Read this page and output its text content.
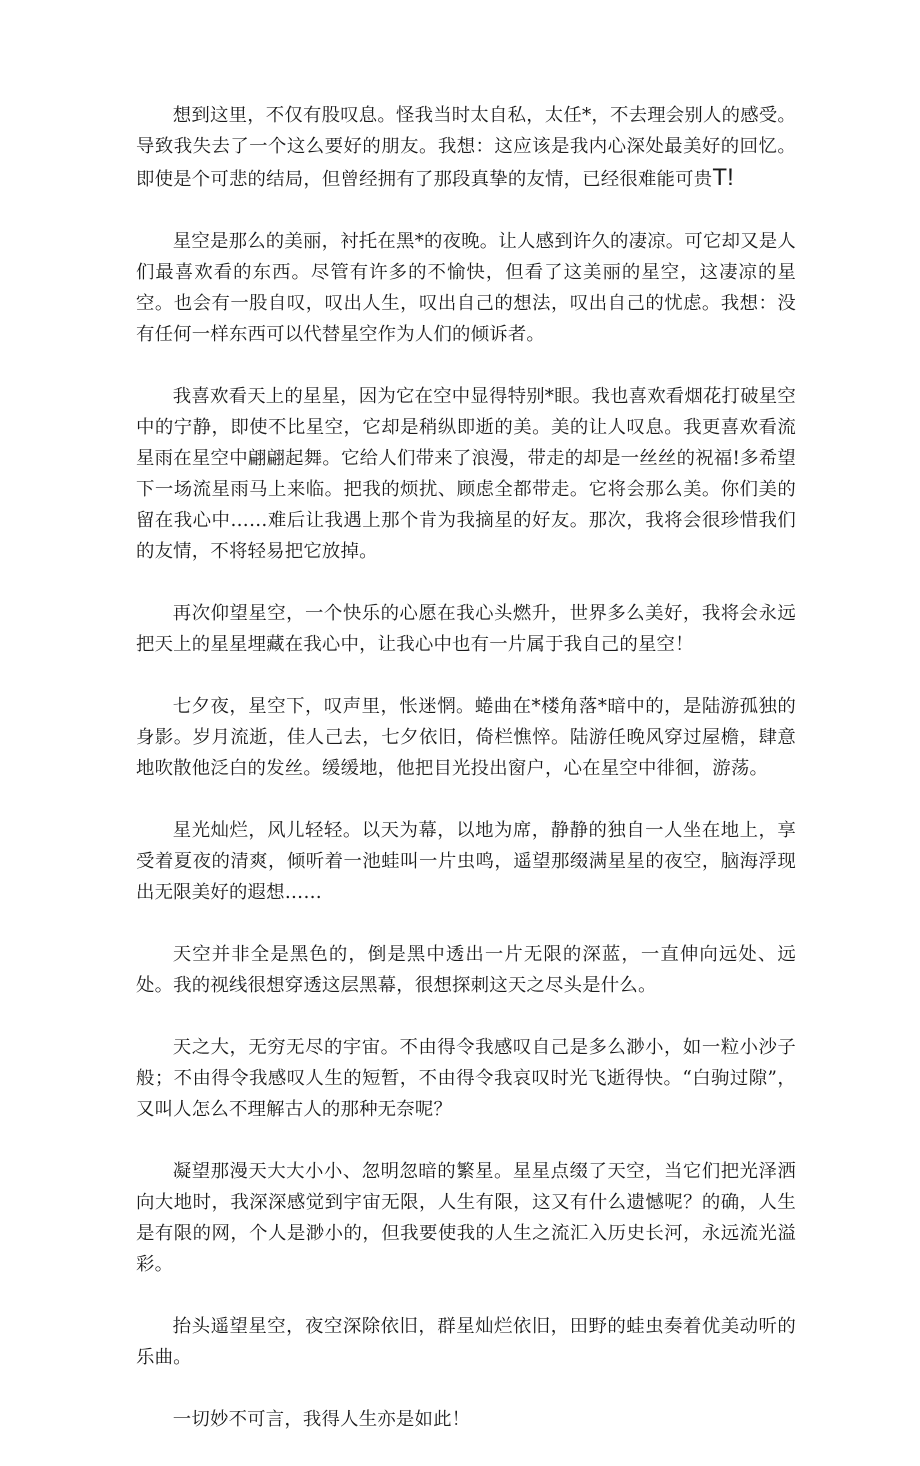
想到这里，不仅有股叹息。怪我当时太自私，太任*，不去理会别人的感受。导致我失去了一个这么要好的朋友。我想：这应该是我内心深处最美好的回忆。即使是个可悲的结局，但曾经拥有了那段真挚的友情，已经很难能可贵T!

星空是那么的美丽，衬托在黑*的夜晚。让人感到许久的凄凉。可它却又是人们最喜欢看的东西。尽管有许多的不愉快，但看了这美丽的星空，这凄凉的星空。也会有一股自叹，叹出人生，叹出自己的想法，叹出自己的忧虑。我想：没有任何一样东西可以代替星空作为人们的倾诉者。

我喜欢看天上的星星，因为它在空中显得特别*眼。我也喜欢看烟花打破星空中的宁静，即使不比星空，它却是稍纵即逝的美。美的让人叹息。我更喜欢看流星雨在星空中翩翩起舞。它给人们带来了浪漫，带走的却是一丝丝的祝福!多希望下一场流星雨马上来临。把我的烦扰、顾虑全都带走。它将会那么美。你们美的留在我心中……难后让我遇上那个肯为我摘星的好友。那次，我将会很珍惜我们的友情，不将轻易把它放掉。

再次仰望星空，一个快乐的心愿在我心头燃升，世界多么美好，我将会永远把天上的星星埋藏在我心中，让我心中也有一片属于我自己的星空！

七夕夜，星空下，叹声里，怅迷惘。蜷曲在*楼角落*暗中的，是陆游孤独的身影。岁月流逝，佳人己去，七夕依旧，倚栏憔悴。陆游任晚风穿过屋檐，肆意地吹散他泛白的发丝。缓缓地，他把目光投出窗户，心在星空中徘徊，游荡。

星光灿烂，风儿轻轻。以天为幕，以地为席，静静的独自一人坐在地上，享受着夏夜的清爽，倾听着一池蛙叫一片虫鸣，遥望那缀满星星的夜空，脑海浮现出无限美好的遐想……

天空并非全是黑色的，倒是黑中透出一片无限的深蓝，一直伸向远处、远处。我的视线很想穿透这层黑幕，很想探刺这天之尽头是什么。

天之大，无穷无尽的宇宙。不由得令我感叹自己是多么渺小，如一粒小沙子般；不由得令我感叹人生的短暂，不由得令我哀叹时光飞逝得快。“白驹过隙”，又叫人怎么不理解古人的那种无奈呢？

凝望那漫天大大小小、忽明忽暗的繁星。星星点缀了天空，当它们把光泽洒向大地时，我深深感觉到宇宙无限，人生有限，这又有什么遗憾呢？的确，人生是有限的网，个人是渺小的，但我要使我的人生之流汇入历史长河，永远流光溢彩。

抬头遥望星空，夜空深除依旧，群星灿烂依旧，田野的蛙虫奏着优美动听的乐曲。

一切妙不可言，我得人生亦是如此！
